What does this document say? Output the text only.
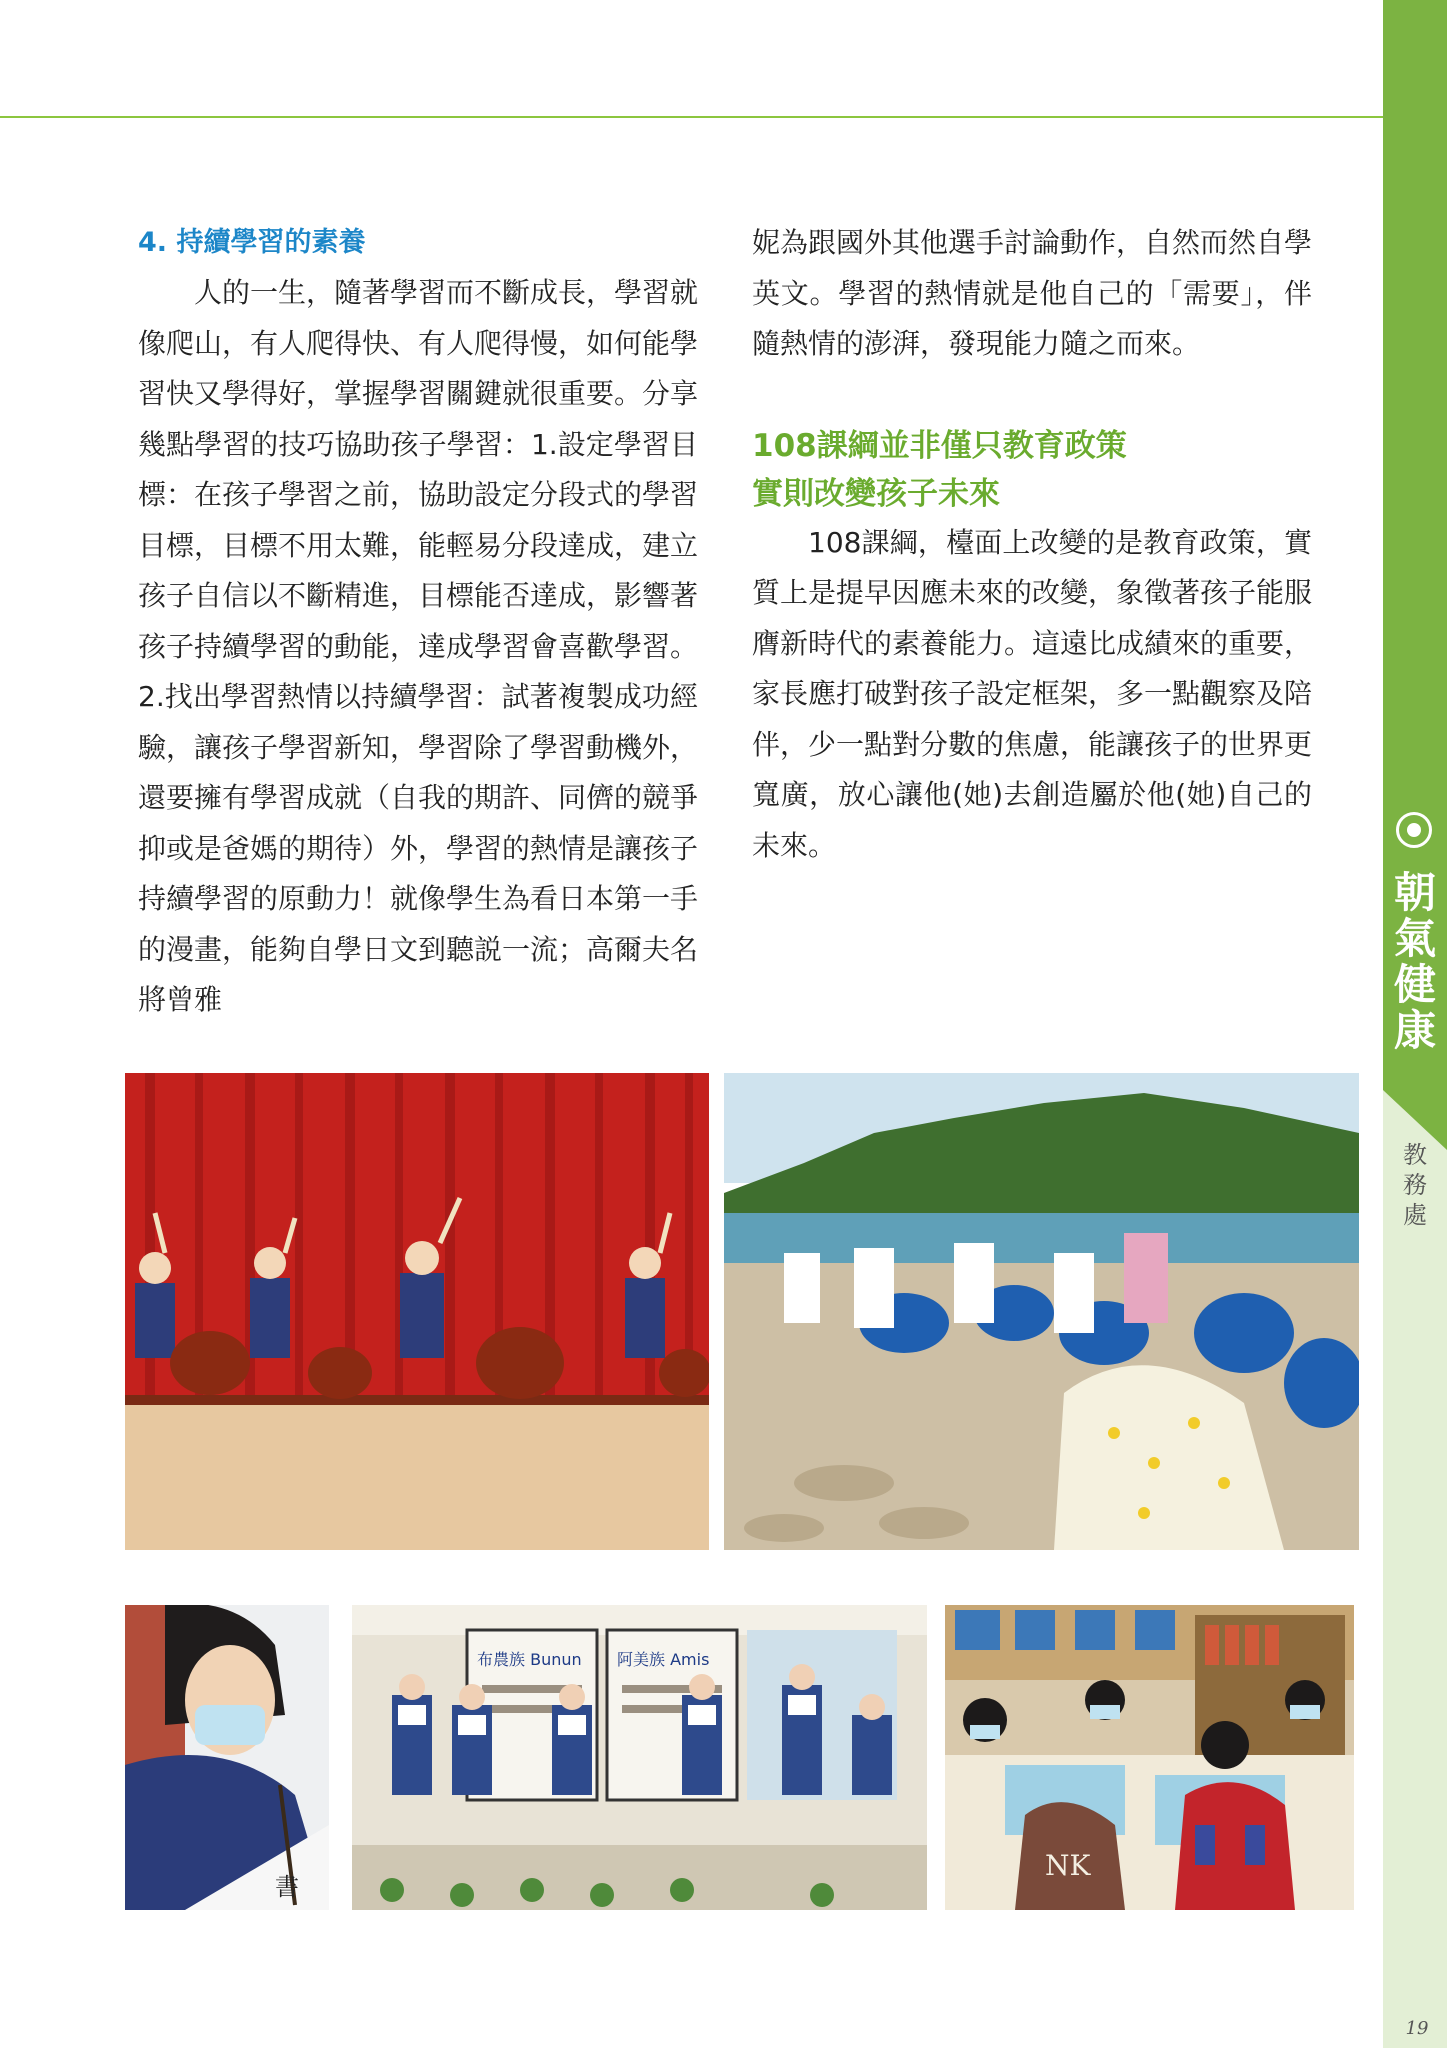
4. 持續學習的素養
人的一生，隨著學習而不斷成長，學習就像爬山，有人爬得快、有人爬得慢，如何能學習快又學得好，掌握學習關鍵就很重要。分享幾點學習的技巧協助孩子學習：1.設定學習目標：在孩子學習之前，協助設定分段式的學習目標，目標不用太難，能輕易分段達成，建立孩子自信以不斷精進，目標能否達成，影響著孩子持續學習的動能，達成學習會喜歡學習。2.找出學習熱情以持續學習：試著複製成功經驗，讓孩子學習新知，學習除了學習動機外，還要擁有學習成就（自我的期許、同儕的競爭抑或是爸媽的期待）外，學習的熱情是讓孩子持續學習的原動力！就像學生為看日本第一手的漫畫，能夠自學日文到聽説一流；高爾夫名將曾雅
妮為跟國外其他選手討論動作，自然而然自學英文。學習的熱情就是他自己的「需要」，伴隨熱情的澎湃，發現能力隨之而來。
108課綱並非僅只教育政策
實則改變孩子未來
108課綱，檯面上改變的是教育政策，實質上是提早因應未來的改變，象徵著孩子能服膺新時代的素養能力。這遠比成績來的重要，家長應打破對孩子設定框架，多一點觀察及陪伴，少一點對分數的焦慮，能讓孩子的世界更寬廣，放心讓他(她)去創造屬於他(她)自己的未來。
書
布農族 Bunun 阿美族 Amis
NK
朝氣健康
教務處
19
